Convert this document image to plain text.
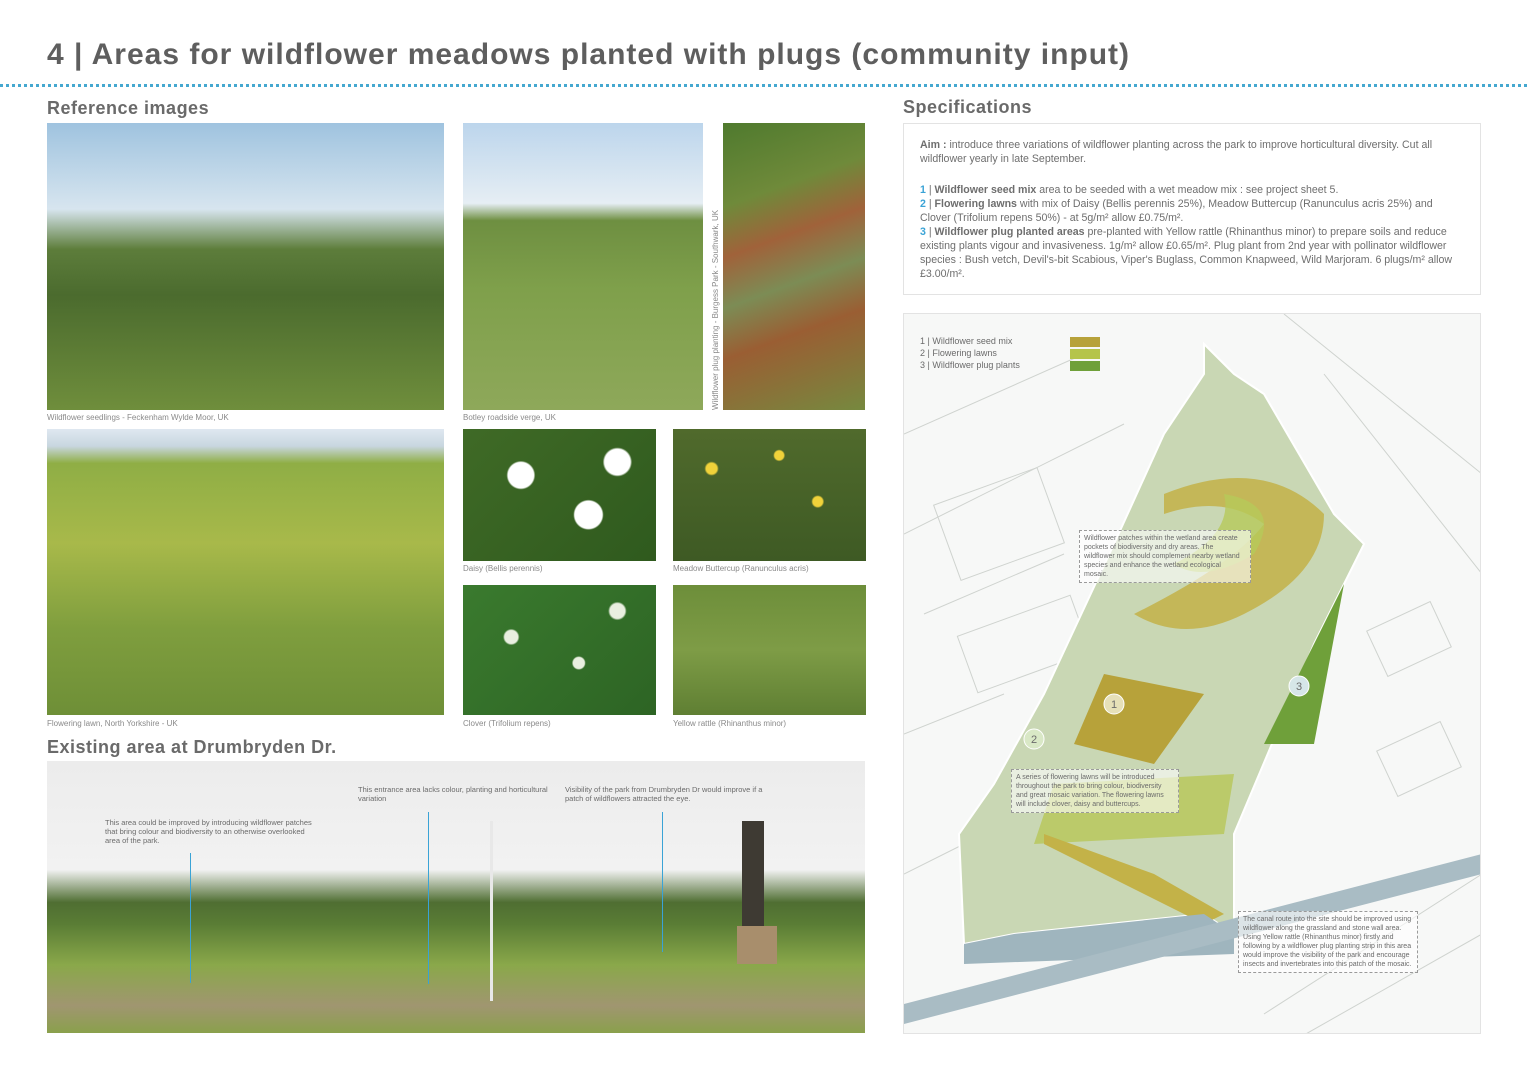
4 | Areas for wildflower meadows planted with plugs (community input)
Reference images
Wildflower seedlings - Feckenham Wylde Moor, UK	Botley roadside verge, UK
Wildflower plug planting - Burgess Park - Southwark, UK
Flowering lawn, North Yorkshire - UK
Daisy (Bellis perennis)	Meadow Buttercup (Ranunculus acris)
Clover (Trifolium repens)	Yellow rattle (Rhinanthus minor)
Existing area at Drumbryden Dr.
This area could be improved by introducing wildflower patches that bring colour and biodiversity to an otherwise overlooked area of the park.
This entrance area lacks colour, planting and horticultural variation
Visibility of the park from Drumbryden Dr would improve if a patch of wildflowers attracted the eye.
Specifications
Aim : introduce three variations of wildflower planting across the park to improve horticultural diversity. Cut all wildflower yearly in late September.
1 | Wildflower seed mix area to be seeded with a wet meadow mix : see project sheet 5.
2 | Flowering lawns with mix of Daisy (Bellis perennis 25%), Meadow Buttercup (Ranunculus acris 25%) and Clover (Trifolium repens 50%) - at 5g/m² allow £0.75/m².
3 | Wildflower plug planted areas pre-planted with Yellow rattle (Rhinanthus minor) to prepare soils and reduce existing plants vigour and invasiveness. 1g/m² allow £0.65/m². Plug plant from 2nd year with pollinator wildflower species : Bush vetch, Devil's-bit Scabious, Viper's Buglass, Common Knapweed, Wild Marjoram. 6 plugs/m² allow £3.00/m².
1
2
3
1 | Wildflower seed mix
2 | Flowering lawns
3 | Wildflower plug plants
Wildflower patches within the wetland area create pockets of biodiversity and dry areas. The wildflower mix should complement nearby wetland species and enhance the wetland ecological mosaic.
A series of flowering lawns will be introduced throughout the park to bring colour, biodiversity and great mosaic variation. The flowering lawns will include clover, daisy and buttercups.
The canal route into the site should be improved using wildflower along the grassland and stone wall area. Using Yellow rattle (Rhinanthus minor) firstly and following by a wildflower plug planting strip in this area would improve the visibility of the park and encourage insects and invertebrates into this patch of the mosaic.
